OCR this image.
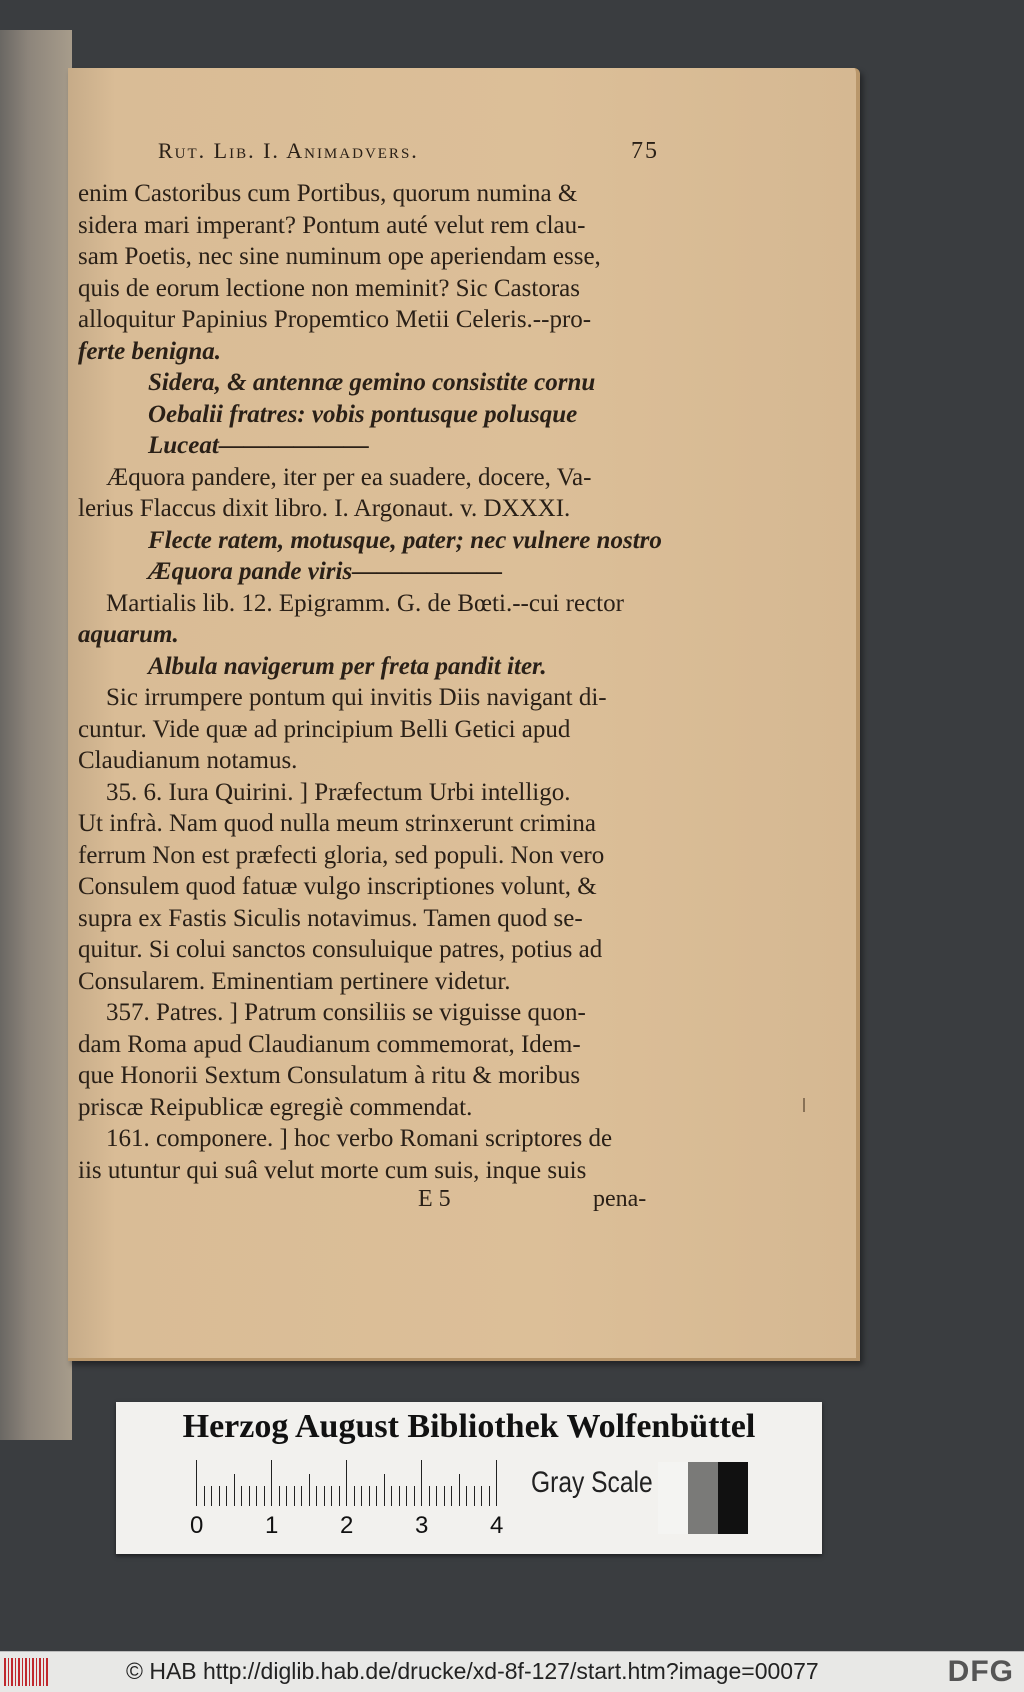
Rut. Lib. I. Animadvers.	75
enim Castoribus cum Portibus, quorum numina &
sidera mari imperant? Pontum auté velut rem clau-
sam Poetis, nec sine numinum ope aperiendam esse,
quis de eorum lectione non meminit? Sic Castoras
alloquitur Papinius Propemtico Metii Celeris.--pro-
ferte benigna.
Sidera, & antennæ gemino consistite cornu
Oebalii fratres: vobis pontusque polusque
Luceat——————
Æquora pandere, iter per ea suadere, docere, Va-
lerius Flaccus dixit libro. I. Argonaut. v. DXXXI.
Flecte ratem, motusque, pater; nec vulnere nostro
Æquora pande viris——————
Martialis lib. 12. Epigramm. G. de Bœti.--cui rector
aquarum.
Albula navigerum per freta pandit iter.
Sic irrumpere pontum qui invitis Diis navigant di-
cuntur. Vide quæ ad principium Belli Getici apud
Claudianum notamus.
35. 6. Iura Quirini. ] Præfectum Urbi intelligo.
Ut infrà. Nam quod nulla meum strinxerunt crimina
ferrum Non est præfecti gloria, sed populi. Non vero
Consulem quod fatuæ vulgo inscriptiones volunt, &
supra ex Fastis Siculis notavimus. Tamen quod se-
quitur. Si colui sanctos consuluique patres, potius ad
Consularem. Eminentiam pertinere videtur.
357. Patres. ] Patrum consiliis se viguisse quon-
dam Roma apud Claudianum commemorat, Idem-
que Honorii Sextum Consulatum à ritu & moribus
priscæ Reipublicæ egregiè commendat.
161. componere. ] hoc verbo Romani scriptores de
iis utuntur qui suâ velut morte cum suis, inque suis
E 5	pena-
Herzog August Bibliothek Wolfenbüttel
0	1	2	3	4
Gray Scale
© HAB http://diglib.hab.de/drucke/xd-8f-127/start.htm?image=00077	DFG
